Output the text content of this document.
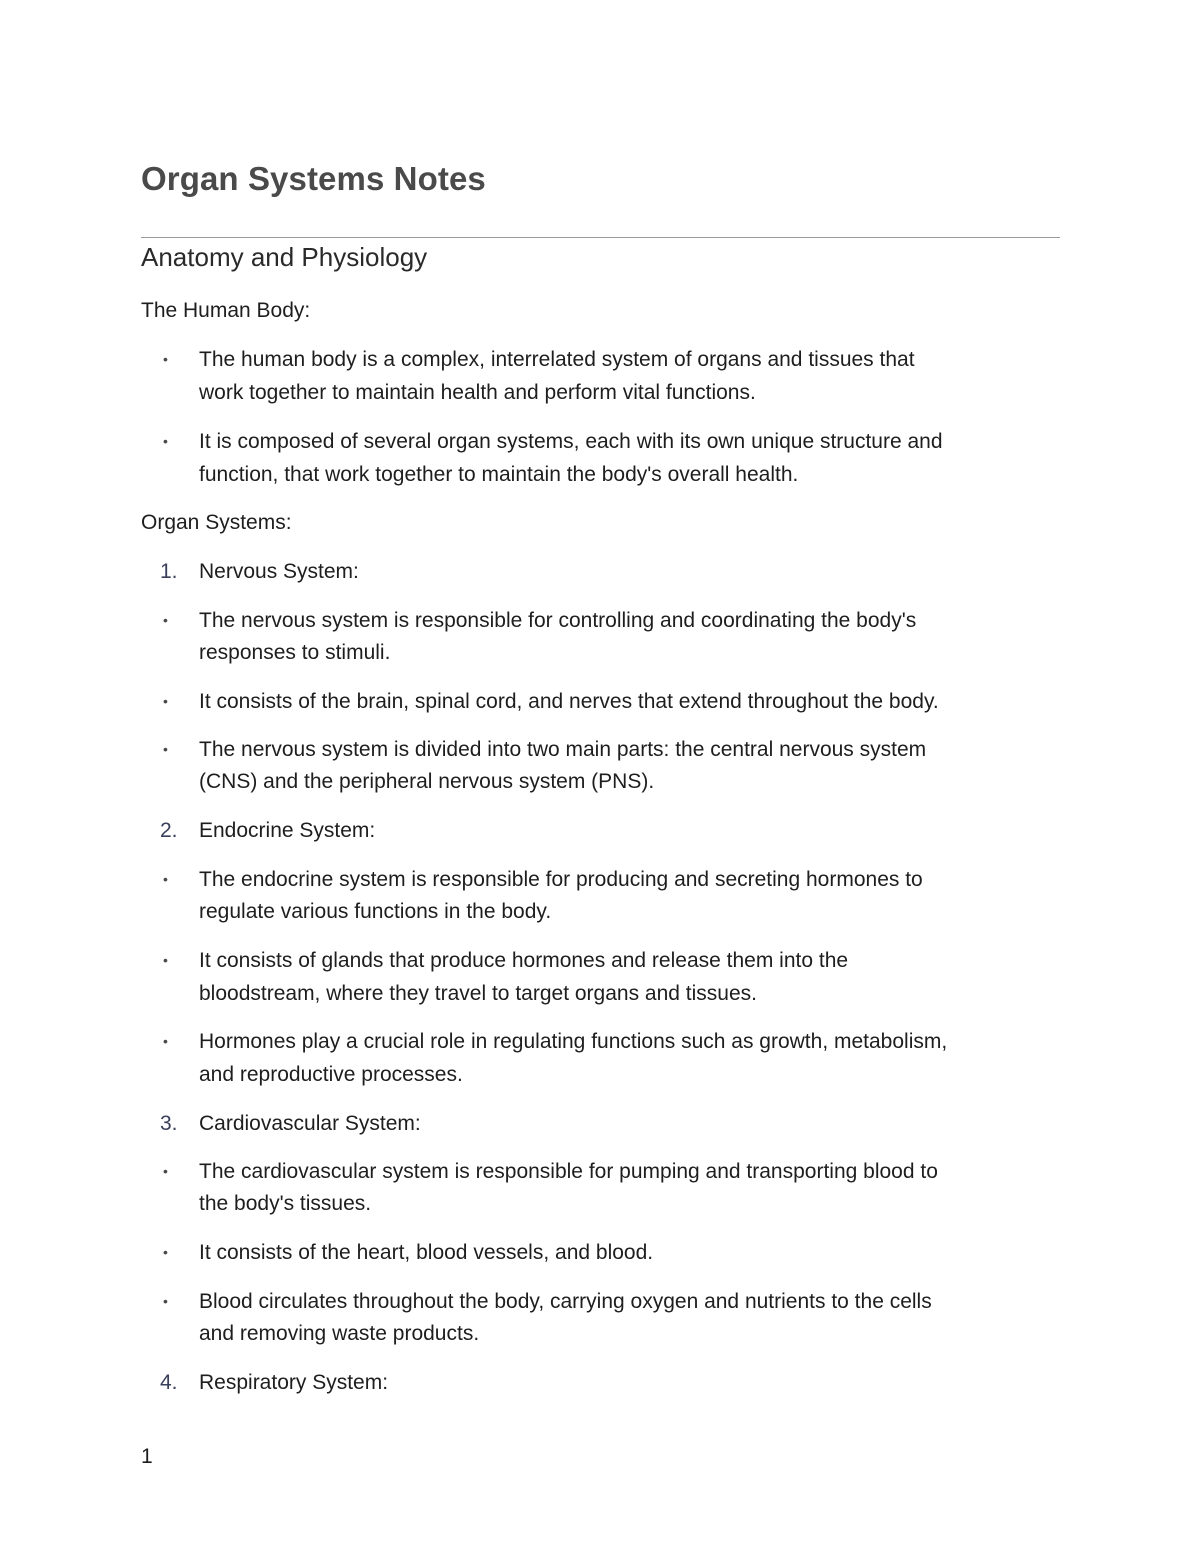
Organ Systems Notes
Anatomy and Physiology

The Human Body:

• The human body is a complex, interrelated system of organs and tissues that

work together to maintain health and perform vital functions.

• It is composed of several organ systems, each with its own unique structure and

function, that work together to maintain the body's overall health.

Organ Systems:

1. Nervous System:

• The nervous system is responsible for controlling and coordinating the body's

responses to stimuli.

• It consists of the brain, spinal cord, and nerves that extend throughout the body.

• The nervous system is divided into two main parts: the central nervous system

(CNS) and the peripheral nervous system (PNS).

2. Endocrine System:

• The endocrine system is responsible for producing and secreting hormones to

regulate various functions in the body.

• It consists of glands that produce hormones and release them into the

bloodstream, where they travel to target organs and tissues.

• Hormones play a crucial role in regulating functions such as growth, metabolism,

and reproductive processes.

3. Cardiovascular System:

• The cardiovascular system is responsible for pumping and transporting blood to

the body's tissues.

• It consists of the heart, blood vessels, and blood.

• Blood circulates throughout the body, carrying oxygen and nutrients to the cells

and removing waste products.

4. Respiratory System:

1
